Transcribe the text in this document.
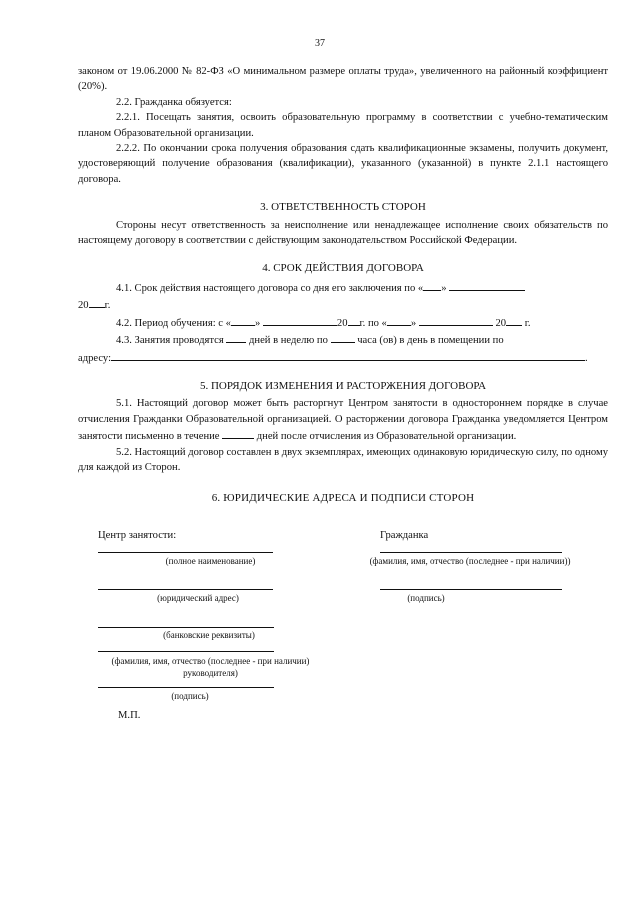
37

законом от 19.06.2000 № 82-ФЗ «О минимальном размере оплаты труда», увеличенного на районный коэффициент (20%).

2.2. Гражданка обязуется:

2.2.1. Посещать занятия, освоить образовательную программу в соответствии с учебно-тематическим планом Образовательной организации.

2.2.2. По окончании срока получения образования сдать квалификационные экзамены, получить документ, удостоверяющий получение образования (квалификации), указанного (указанной) в пункте 2.1.1 настоящего договора.

3. ОТВЕТСТВЕННОСТЬ СТОРОН

Стороны несут ответственность за неисполнение или ненадлежащее исполнение своих обязательств по настоящему договору в соответствии с действующим законодательством Российской Федерации.

4. СРОК ДЕЙСТВИЯ ДОГОВОРА

4.1. Срок действия настоящего договора со дня его заключения по « »
20 г.

4.2. Период обучения: с « »	20 г. по « »	20 г.

4.3. Занятия проводятся дней в неделю по	часа (ов) в день в помещении по
адресу:	.

5. ПОРЯДОК ИЗМЕНЕНИЯ И РАСТОРЖЕНИЯ ДОГОВОРА

5.1. Настоящий договор может быть расторгнут Центром занятости в одностороннем порядке в случае отчисления Гражданки Образовательной организацией. О расторжении договора Гражданка уведомляется Центром занятости письменно в течение	дней после отчисления из Образовательной организации.

5.2. Настоящий договор составлен в двух экземплярах, имеющих одинаковую юридическую силу, по одному для каждой из Сторон.

6. ЮРИДИЧЕСКИЕ АДРЕСА И ПОДПИСИ СТОРОН

Центр занятости:	Гражданка
(полное наименование)	(фамилия, имя, отчество (последнее - при наличии))
(юридический адрес)	(подпись)
(банковские реквизиты)
(фамилия, имя, отчество (последнее - при наличии) руководителя)
(подпись)
М.П.
